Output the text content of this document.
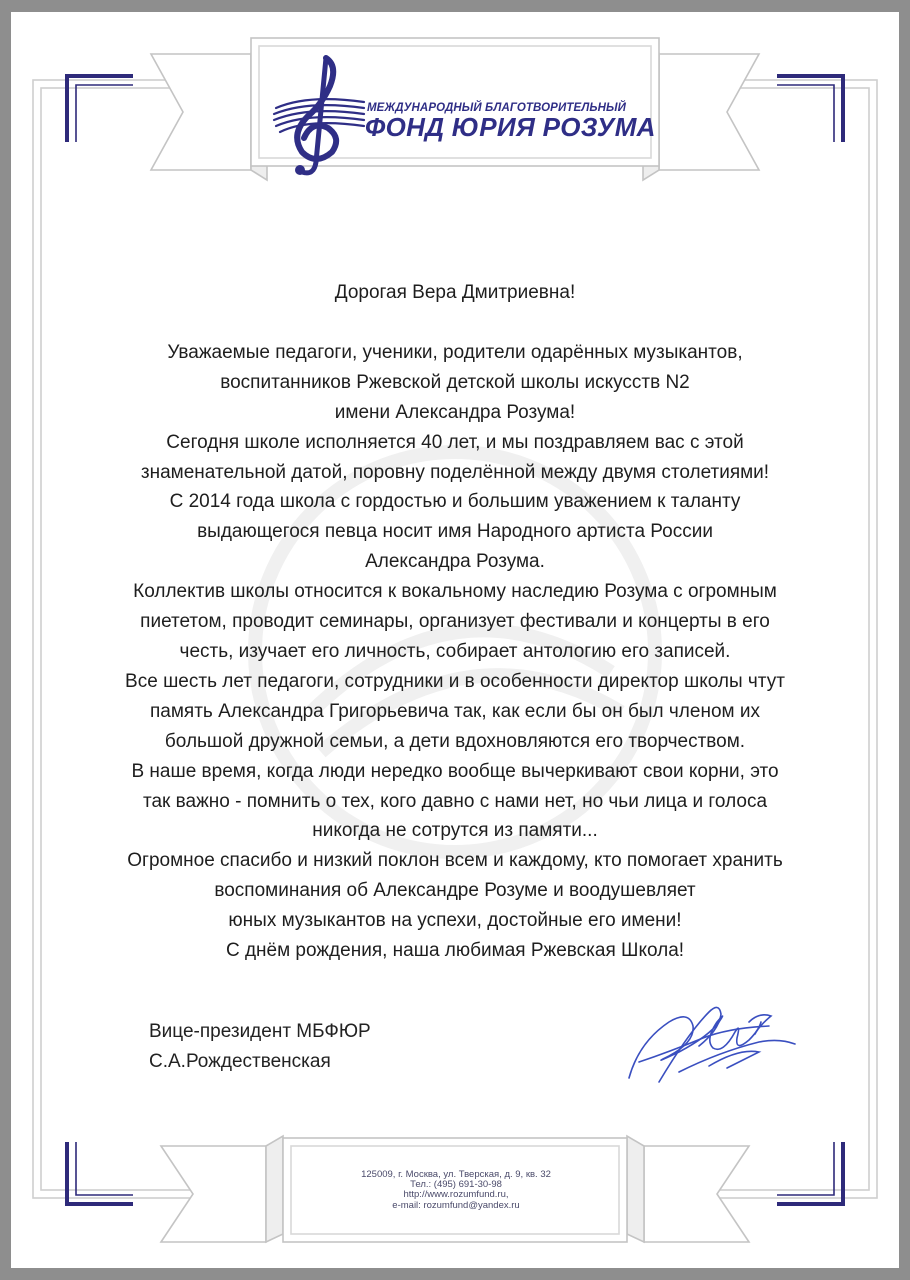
МЕЖДУНАРОДНЫЙ БЛАГОТВОРИТЕЛЬНЫЙ
ФОНД ЮРИЯ РОЗУМА
Дорогая Вера Дмитриевна!
Уважаемые педагоги, ученики, родители одарённых музыкантов,
воспитанников Ржевской детской школы искусств N2
имени Александра Розума!
Сегодня школе исполняется 40 лет, и мы поздравляем вас с этой
знаменательной датой, поровну поделённой между двумя столетиями!
С 2014 года школа с гордостью и большим уважением к таланту
выдающегося певца носит имя Народного артиста России
Александра Розума.
Коллектив школы относится к вокальному наследию Розума с огромным
пиететом, проводит семинары, организует фестивали и концерты в его
честь, изучает его личность, собирает антологию его записей.
Все шесть лет педагоги, сотрудники и в особенности директор школы чтут
память Александра Григорьевича так, как если бы он был членом их
большой дружной семьи, а дети вдохновляются его творчеством.
В наше время, когда люди нередко вообще вычеркивают свои корни, это
так важно - помнить о тех, кого давно с нами нет, но чьи лица и голоса
никогда не сотрутся из памяти...
Огромное спасибо и низкий поклон всем и каждому, кто помогает хранить
воспоминания об Александре Розуме и воодушевляет
юных музыкантов на успехи, достойные его имени!
С днём рождения, наша любимая Ржевская Школа!
Вице-президент МБФЮР
С.А.Рождественская
125009, г. Москва, ул. Тверская, д. 9, кв. 32
Тел.: (495) 691-30-98
http://www.rozumfund.ru,
e-mail: rozumfund@yandex.ru
